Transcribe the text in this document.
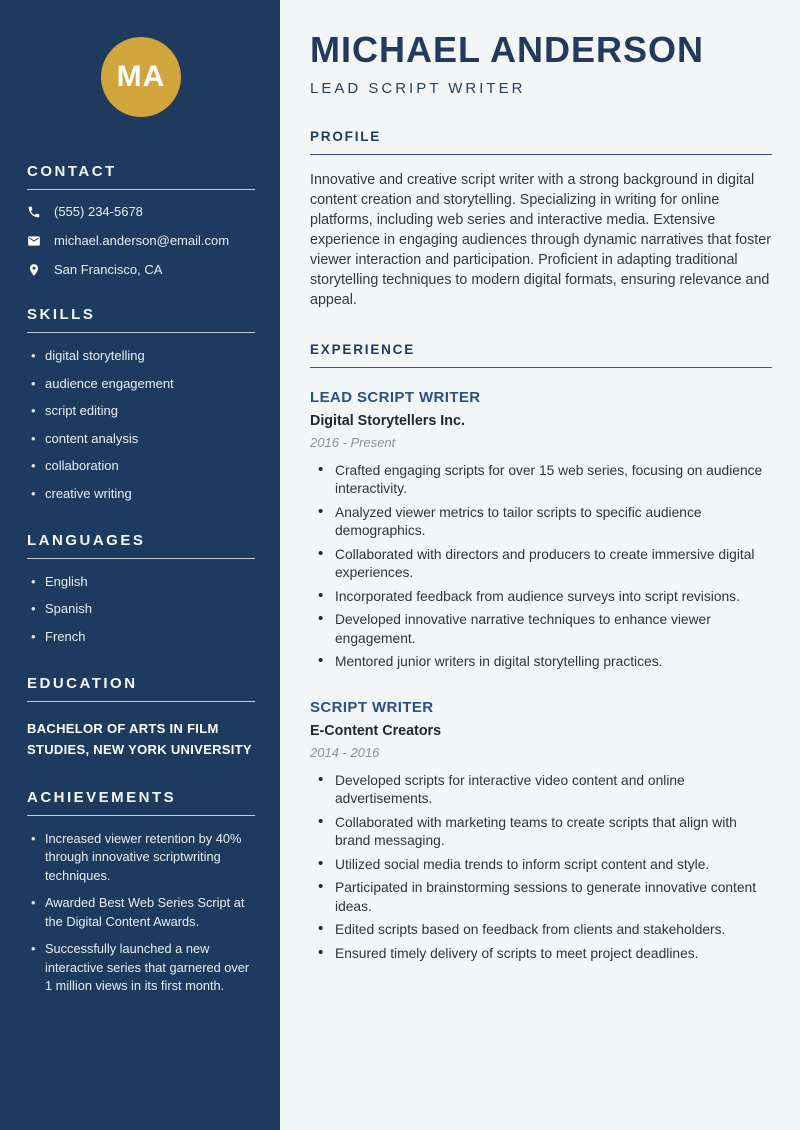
MA
CONTACT
(555) 234-5678
michael.anderson@email.com
San Francisco, CA
SKILLS
• digital storytelling
• audience engagement
• script editing
• content analysis
• collaboration
• creative writing
LANGUAGES
• English
• Spanish
• French
EDUCATION

BACHELOR OF ARTS IN FILM STUDIES, NEW YORK UNIVERSITY

ACHIEVEMENTS
• Increased viewer retention by 40% through innovative scriptwriting techniques.
• Awarded Best Web Series Script at the Digital Content Awards.
• Successfully launched a new interactive series that garnered over 1 million views in its first month.
MICHAEL ANDERSON
LEAD SCRIPT WRITER
PROFILE

Innovative and creative script writer with a strong background in digital content creation and storytelling. Specializing in writing for online platforms, including web series and interactive media. Extensive experience in engaging audiences through dynamic narratives that foster viewer interaction and participation. Proficient in adapting traditional storytelling techniques to modern digital formats, ensuring relevance and appeal.

EXPERIENCE
LEAD SCRIPT WRITER

Digital Storytellers Inc.

2016 - Present

• Crafted engaging scripts for over 15 web series, focusing on audience interactivity.
• Analyzed viewer metrics to tailor scripts to specific audience demographics.
• Collaborated with directors and producers to create immersive digital experiences.
• Incorporated feedback from audience surveys into script revisions.
• Developed innovative narrative techniques to enhance viewer engagement.
• Mentored junior writers in digital storytelling practices.
SCRIPT WRITER

E-Content Creators

2014 - 2016

• Developed scripts for interactive video content and online advertisements.
• Collaborated with marketing teams to create scripts that align with brand messaging.
• Utilized social media trends to inform script content and style.
• Participated in brainstorming sessions to generate innovative content ideas.
• Edited scripts based on feedback from clients and stakeholders.
• Ensured timely delivery of scripts to meet project deadlines.
